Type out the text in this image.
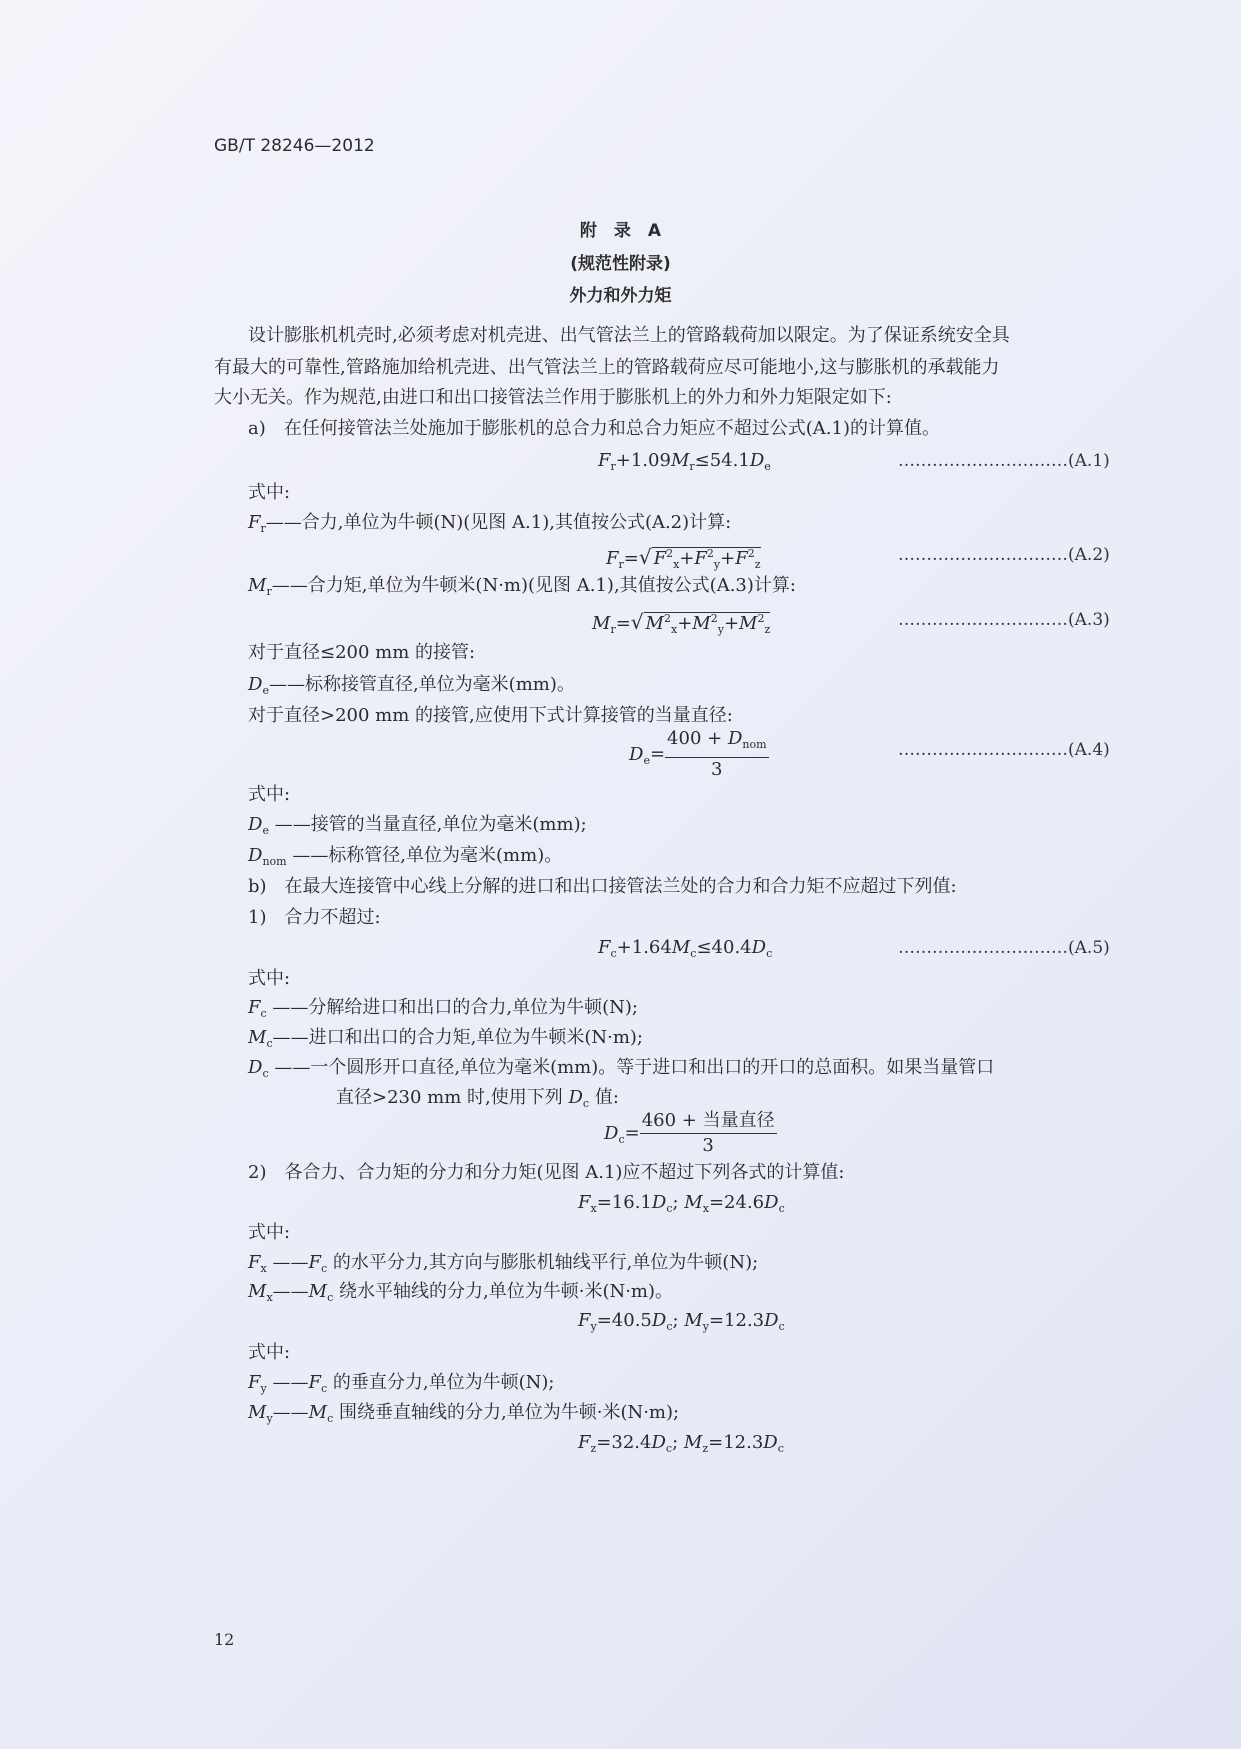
GB/T 28246—2012
附　录　A
(规范性附录)
外力和外力矩
设计膨胀机机壳时,必须考虑对机壳进、出气管法兰上的管路载荷加以限定。为了保证系统安全具
有最大的可靠性,管路施加给机壳进、出气管法兰上的管路载荷应尽可能地小,这与膨胀机的承载能力
大小无关。作为规范,由进口和出口接管法兰作用于膨胀机上的外力和外力矩限定如下:
a)　在任何接管法兰处施加于膨胀机的总合力和总合力矩应不超过公式(A.1)的计算值。
$F_r+1.09M_r\le 54.1D_e$	…………………………(A.1)
式中:
$F_r——$合力,单位为牛顿(N)(见图 A.1),其值按公式(A.2)计算:
$F_r=√$ $F^2_x+F^2_y+F^2_z$	…………………………(A.2)
$M_r——$合力矩,单位为牛顿米(N·m)(见图 A.1),其值按公式(A.3)计算:
$M_r=√$ $M^2_x+M^2_y+M^2_z$	…………………………(A.3)
对于直径≤200 mm 的接管:
$D_e——$标称接管直径,单位为毫米(mm)。
对于直径>200 mm 的接管,应使用下式计算接管的当量直径:
$D_e= \frac{400 + D_{nom}}{3}$	…………………………(A.4)
式中:
$D_e$ ——接管的当量直径,单位为毫米(mm);
$D_{nom}$ ——标称管径,单位为毫米(mm)。
b)　在最大连接管中心线上分解的进口和出口接管法兰处的合力和合力矩不应超过下列值:
1)　合力不超过:
$F_c+1.64M_c\le 40.4D_c$	…………………………(A.5)
式中:
$F_c$ ——分解给进口和出口的合力,单位为牛顿(N);
$M_c——$进口和出口的合力矩,单位为牛顿米(N·m);
$D_c$ ——一个圆形开口直径,单位为毫米(mm)。等于进口和出口的开口的总面积。如果当量管口
直径>230 mm 时,使用下列 $D_c$ 值:
$D_c= \frac{\text{460 + 当量直径}}{3}$
2)　各合力、合力矩的分力和分力矩(见图 A.1)应不超过下列各式的计算值:
$F_x=16.1D_c$; $M_x=24.6D_c$
式中:
$F_x$ $——F_c$ 的水平分力,其方向与膨胀机轴线平行,单位为牛顿(N);
$M_x——M_c$ 绕水平轴线的分力,单位为牛顿·米(N·m)。
$F_y=40.5D_c$; $M_y=12.3D_c$
式中:
$F_y$ $——F_c$ 的垂直分力,单位为牛顿(N);
$M_y——M_c$ 围绕垂直轴线的分力,单位为牛顿·米(N·m);
$F_z=32.4D_c$; $M_z=12.3D_c$
12
